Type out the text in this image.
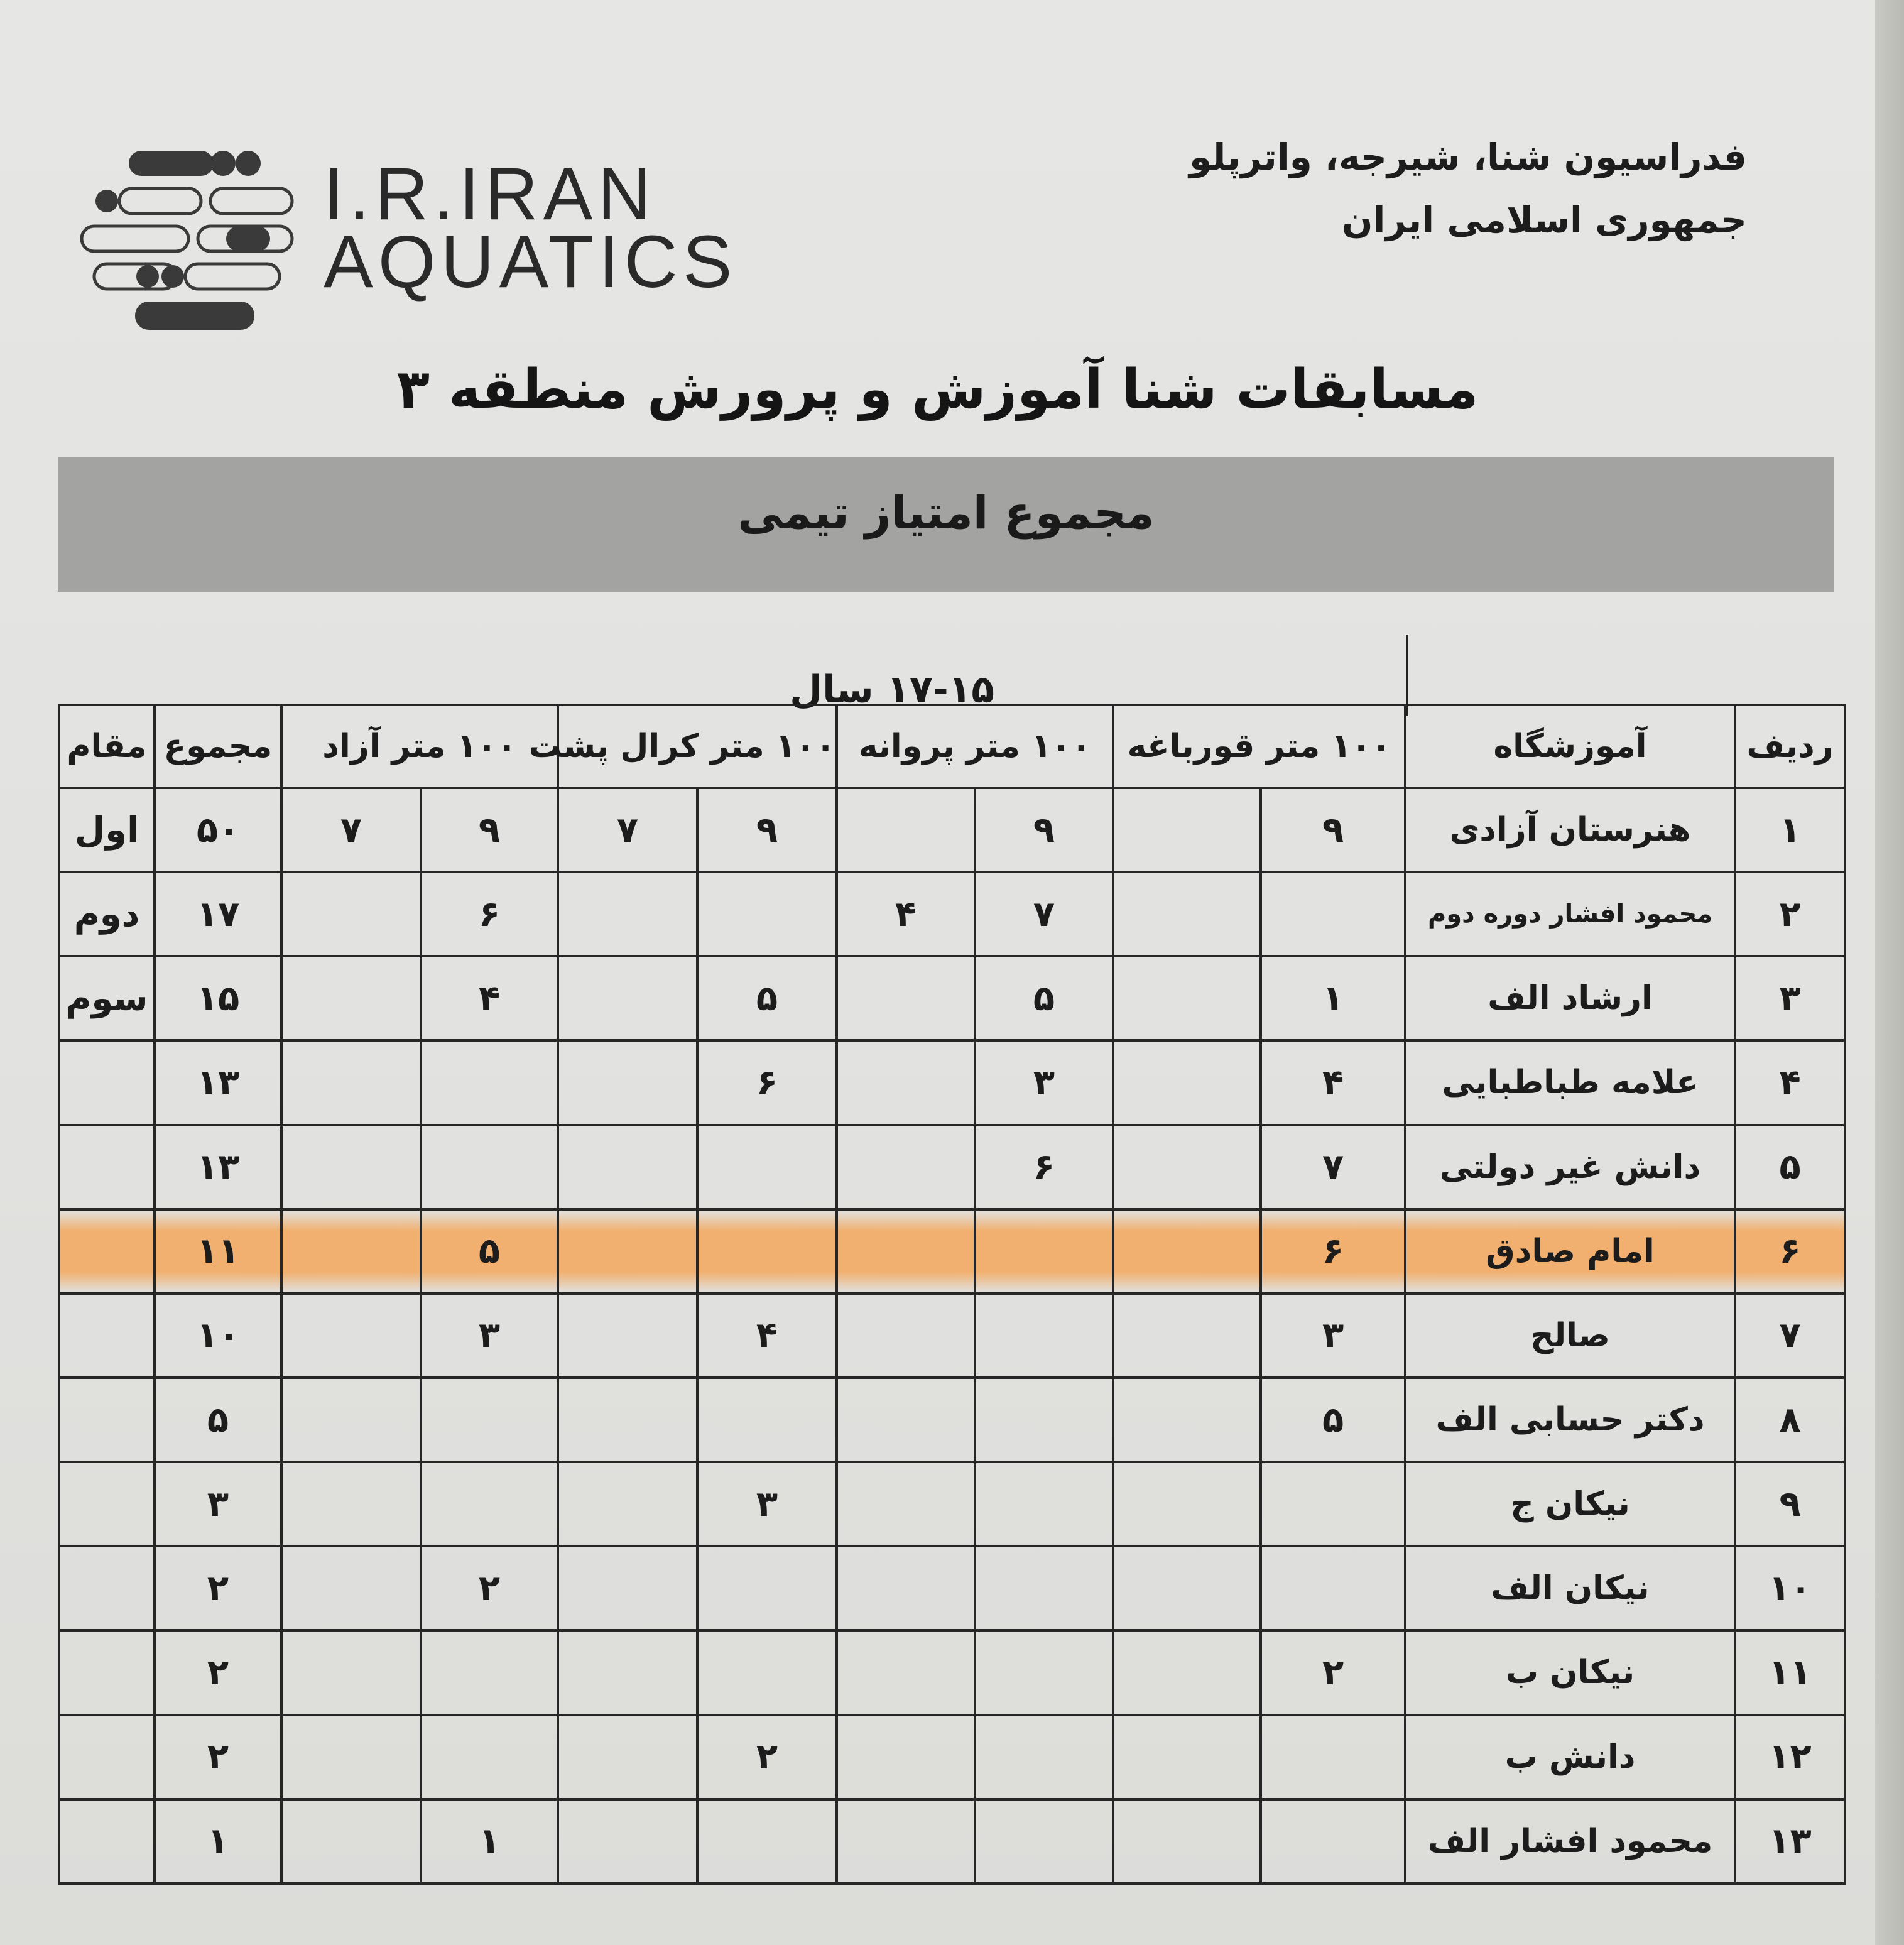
I.R.IRAN
AQUATICS
فدراسیون شنا، شیرجه، واترپلو
جمهوری اسلامی ایران
مسابقات شنا آموزش و پرورش منطقه ۳
مجموع امتیاز تیمی
۱۷-۱۵ سال
ردیف	آموزشگاه	۱۰۰ متر قورباغه		۱۰۰ متر پروانه		۱۰۰ متر کرال پشت		۱۰۰ متر آزاد		مجموع	مقام
۱	هنرستان آزادی	۹		۹		۹	۷	۹	۷	۵۰	اول
۲	محمود افشار دوره دوم			۷	۴			۶		۱۷	دوم
۳	ارشاد الف	۱		۵		۵		۴		۱۵	سوم
۴	علامه طباطبایی	۴		۳		۶				۱۳	
۵	دانش غیر دولتی	۷		۶						۱۳	
۶	امام صادق	۶						۵		۱۱	
۷	صالح	۳				۴		۳		۱۰	
۸	دکتر حسابی الف	۵								۵	
۹	نیکان ج					۳				۳	
۱۰	نیکان الف							۲		۲	
۱۱	نیکان ب	۲								۲	
۱۲	دانش ب					۲				۲	
۱۳	محمود افشار الف							۱		۱	
